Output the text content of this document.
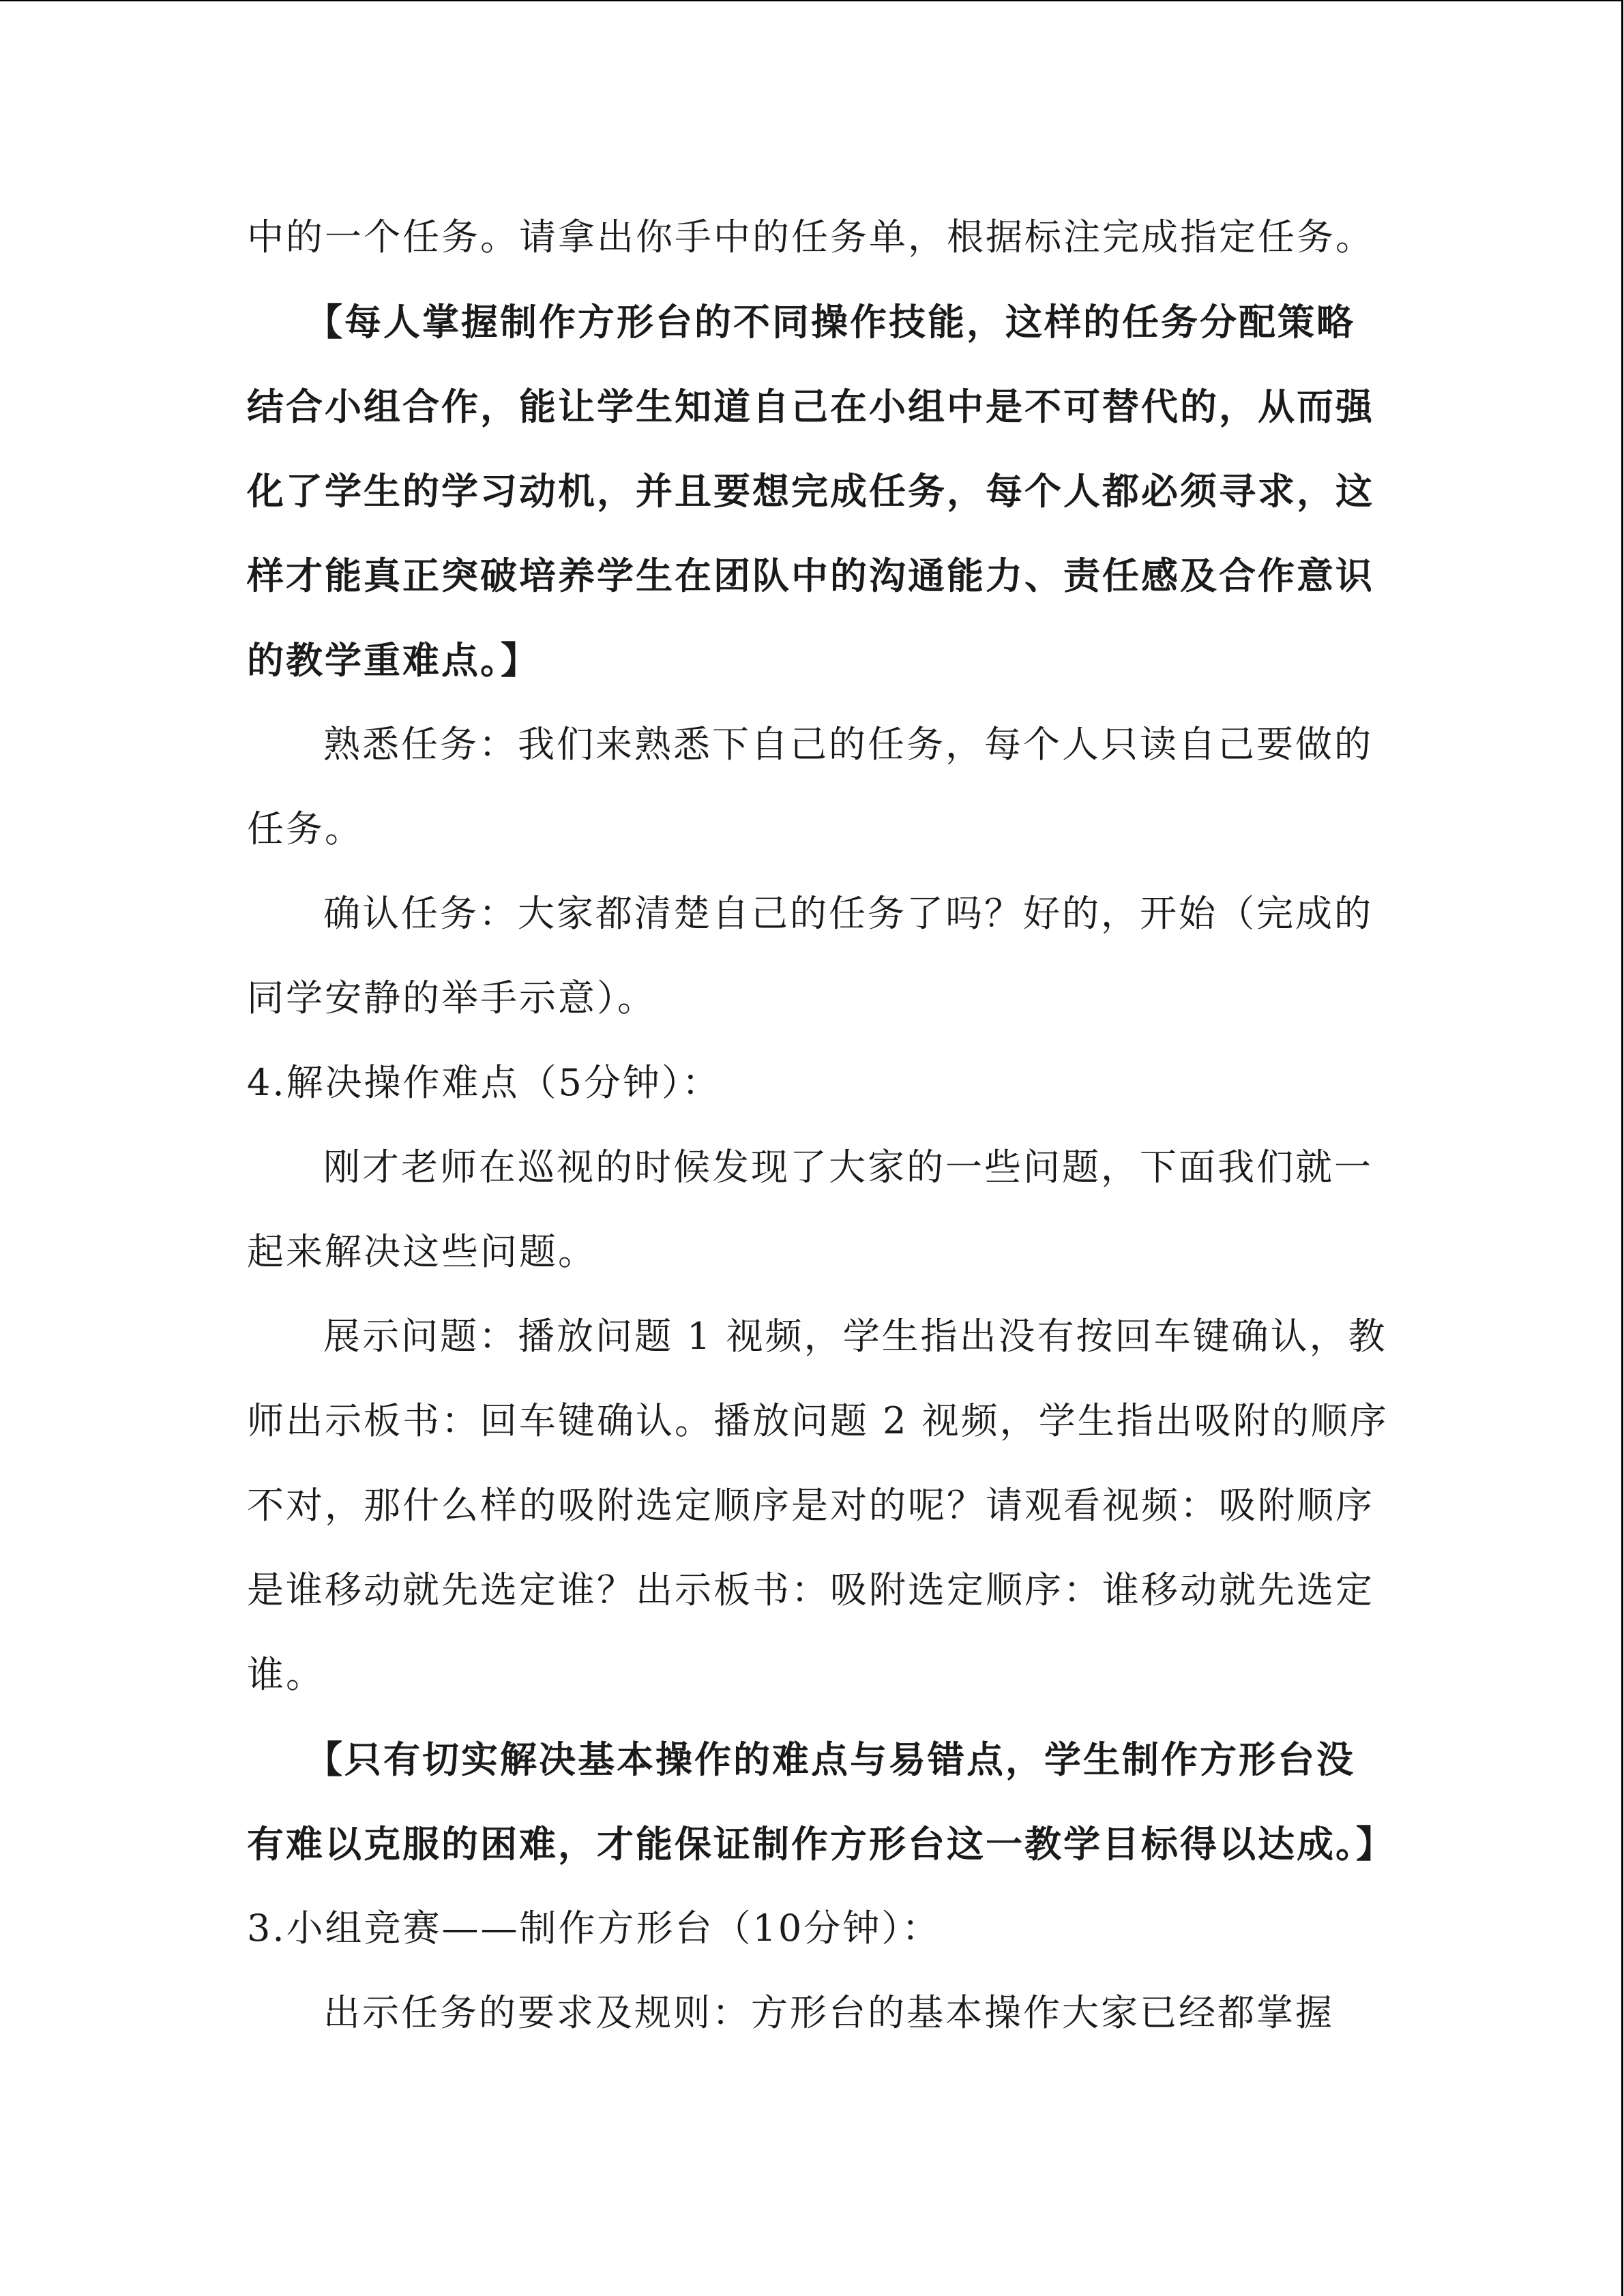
中的一个任务。请拿出你手中的任务单，根据标注完成指定任务。
【每人掌握制作方形台的不同操作技能，这样的任务分配策略
结合小组合作，能让学生知道自己在小组中是不可替代的，从而强
化了学生的学习动机，并且要想完成任务，每个人都必须寻求，这
样才能真正突破培养学生在团队中的沟通能力、责任感及合作意识
的教学重难点。】
熟悉任务：我们来熟悉下自己的任务，每个人只读自己要做的
任务。
确认任务：大家都清楚自己的任务了吗？好的，开始（完成的
同学安静的举手示意）。
4.解决操作难点（5分钟）：
刚才老师在巡视的时候发现了大家的一些问题，下面我们就一
起来解决这些问题。
展示问题：播放问题 1 视频，学生指出没有按回车键确认，教
师出示板书：回车键确认。播放问题 2 视频，学生指出吸附的顺序
不对，那什么样的吸附选定顺序是对的呢？请观看视频：吸附顺序
是谁移动就先选定谁？出示板书：吸附选定顺序：谁移动就先选定
谁。
【只有切实解决基本操作的难点与易错点，学生制作方形台没
有难以克服的困难，才能保证制作方形台这一教学目标得以达成。】
3.小组竞赛——制作方形台（10分钟）：
出示任务的要求及规则：方形台的基本操作大家已经都掌握
